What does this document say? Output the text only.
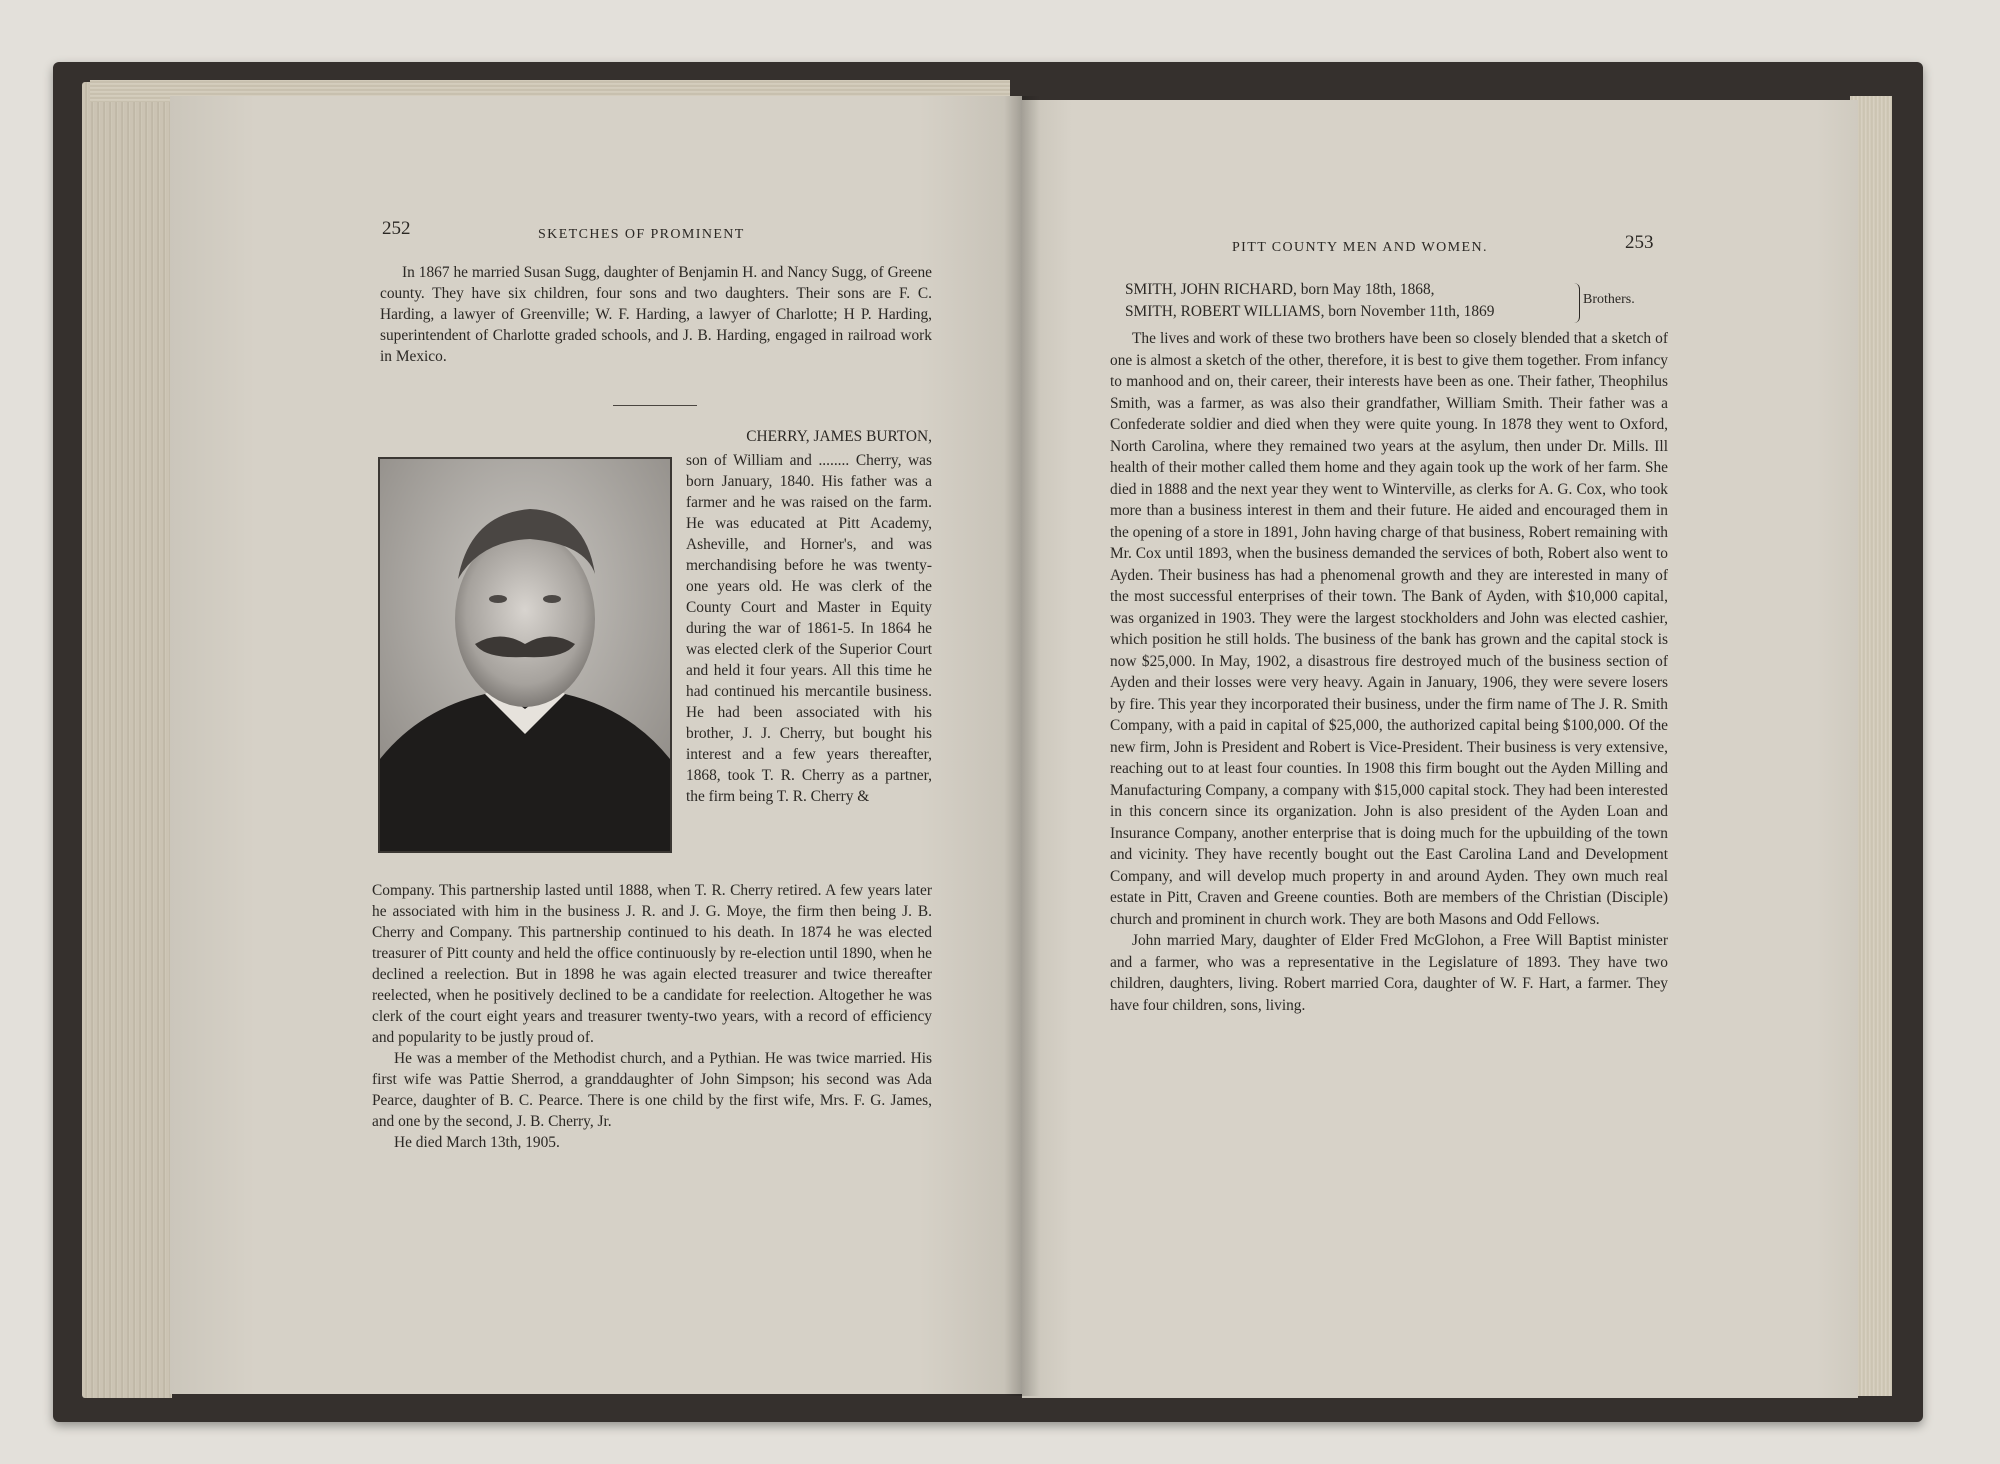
252	SKETCHES OF PROMINENT

In 1867 he married Susan Sugg, daughter of Benjamin H. and Nancy Sugg, of Greene county. They have six children, four sons and two daughters. Their sons are F. C. Harding, a lawyer of Greenville; W. F. Harding, a lawyer of Charlotte; H P. Harding, superintendent of Charlotte graded schools, and J. B. Harding, engaged in railroad work in Mexico.

CHERRY, JAMES BURTON,

son of William and ........ Cherry, was born January, 1840. His father was a farmer and he was raised on the farm. He was educated at Pitt Academy, Asheville, and Horner's, and was merchandising before he was twenty-one years old. He was clerk of the County Court and Master in Equity during the war of 1861-5. In 1864 he was elected clerk of the Superior Court and held it four years. All this time he had continued his mercantile business. He had been associated with his brother, J. J. Cherry, but bought his interest and a few years thereafter, 1868, took T. R. Cherry as a partner, the firm being T. R. Cherry &

Company. This partnership lasted until 1888, when T. R. Cherry retired. A few years later he associated with him in the business J. R. and J. G. Moye, the firm then being J. B. Cherry and Company. This partnership continued to his death. In 1874 he was elected treasurer of Pitt county and held the office continuously by re-election until 1890, when he declined a reelection. But in 1898 he was again elected treasurer and twice thereafter reelected, when he positively declined to be a candidate for reelection. Altogether he was clerk of the court eight years and treasurer twenty-two years, with a record of efficiency and popularity to be justly proud of.

He was a member of the Methodist church, and a Pythian. He was twice married. His first wife was Pattie Sherrod, a granddaughter of John Simpson; his second was Ada Pearce, daughter of B. C. Pearce. There is one child by the first wife, Mrs. F. G. James, and one by the second, J. B. Cherry, Jr.

He died March 13th, 1905.

PITT COUNTY MEN AND WOMEN.	253
SMITH, JOHN RICHARD, born May 18th, 1868,
SMITH, ROBERT WILLIAMS, born November 11th, 1869
Brothers.

The lives and work of these two brothers have been so closely blended that a sketch of one is almost a sketch of the other, therefore, it is best to give them together. From infancy to manhood and on, their career, their interests have been as one. Their father, Theophilus Smith, was a farmer, as was also their grandfather, William Smith. Their father was a Confederate soldier and died when they were quite young. In 1878 they went to Oxford, North Carolina, where they remained two years at the asylum, then under Dr. Mills. Ill health of their mother called them home and they again took up the work of her farm. She died in 1888 and the next year they went to Winterville, as clerks for A. G. Cox, who took more than a business interest in them and their future. He aided and encouraged them in the opening of a store in 1891, John having charge of that business, Robert remaining with Mr. Cox until 1893, when the business demanded the services of both, Robert also went to Ayden. Their business has had a phenomenal growth and they are interested in many of the most successful enterprises of their town. The Bank of Ayden, with $10,000 capital, was organized in 1903. They were the largest stockholders and John was elected cashier, which position he still holds. The business of the bank has grown and the capital stock is now $25,000. In May, 1902, a disastrous fire destroyed much of the business section of Ayden and their losses were very heavy. Again in January, 1906, they were severe losers by fire. This year they incorporated their business, under the firm name of The J. R. Smith Company, with a paid in capital of $25,000, the authorized capital being $100,000. Of the new firm, John is President and Robert is Vice-President. Their business is very extensive, reaching out to at least four counties. In 1908 this firm bought out the Ayden Milling and Manufacturing Company, a company with $15,000 capital stock. They had been interested in this concern since its organization. John is also president of the Ayden Loan and Insurance Company, another enterprise that is doing much for the upbuilding of the town and vicinity. They have recently bought out the East Carolina Land and Development Company, and will develop much property in and around Ayden. They own much real estate in Pitt, Craven and Greene counties. Both are members of the Christian (Disciple) church and prominent in church work. They are both Masons and Odd Fellows.

John married Mary, daughter of Elder Fred McGlohon, a Free Will Baptist minister and a farmer, who was a representative in the Legislature of 1893. They have two children, daughters, living. Robert married Cora, daughter of W. F. Hart, a farmer. They have four children, sons, living.
